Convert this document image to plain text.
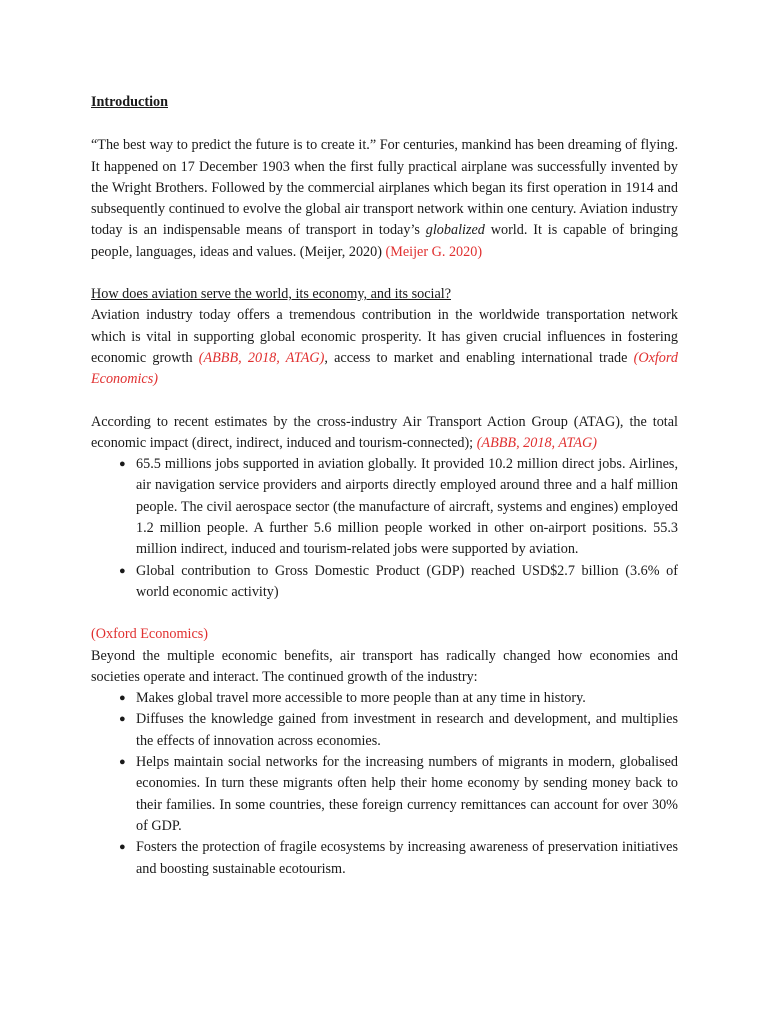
Introduction

“The best way to predict the future is to create it.” For centuries, mankind has been dreaming of flying. It happened on 17 December 1903 when the first fully practical airplane was successfully invented by the Wright Brothers. Followed by the commercial airplanes which began its first operation in 1914 and subsequently continued to evolve the global air transport network within one century. Aviation industry today is an indispensable means of transport in today’s globalized world. It is capable of bringing people, languages, ideas and values. (Meijer, 2020) (Meijer G. 2020)

How does aviation serve the world, its economy, and its social?

Aviation industry today offers a tremendous contribution in the worldwide transportation network which is vital in supporting global economic prosperity. It has given crucial influences in fostering economic growth (ABBB, 2018, ATAG), access to market and enabling international trade (Oxford Economics)

According to recent estimates by the cross-industry Air Transport Action Group (ATAG), the total economic impact (direct, indirect, induced and tourism-connected); (ABBB, 2018, ATAG)

● 65.5 millions jobs supported in aviation globally. It provided 10.2 million direct jobs. Airlines, air navigation service providers and airports directly employed around three and a half million people. The civil aerospace sector (the manufacture of aircraft, systems and engines) employed 1.2 million people. A further 5.6 million people worked in other on-airport positions. 55.3 million indirect, induced and tourism-related jobs were supported by aviation.
● Global contribution to Gross Domestic Product (GDP) reached USD$2.7 billion (3.6% of world economic activity)

(Oxford Economics)

Beyond the multiple economic benefits, air transport has radically changed how economies and societies operate and interact. The continued growth of the industry:

● Makes global travel more accessible to more people than at any time in history.
● Diffuses the knowledge gained from investment in research and development, and multiplies the effects of innovation across economies.
● Helps maintain social networks for the increasing numbers of migrants in modern, globalised economies. In turn these migrants often help their home economy by sending money back to their families. In some countries, these foreign currency remittances can account for over 30% of GDP.
● Fosters the protection of fragile ecosystems by increasing awareness of preservation initiatives and boosting sustainable ecotourism.
